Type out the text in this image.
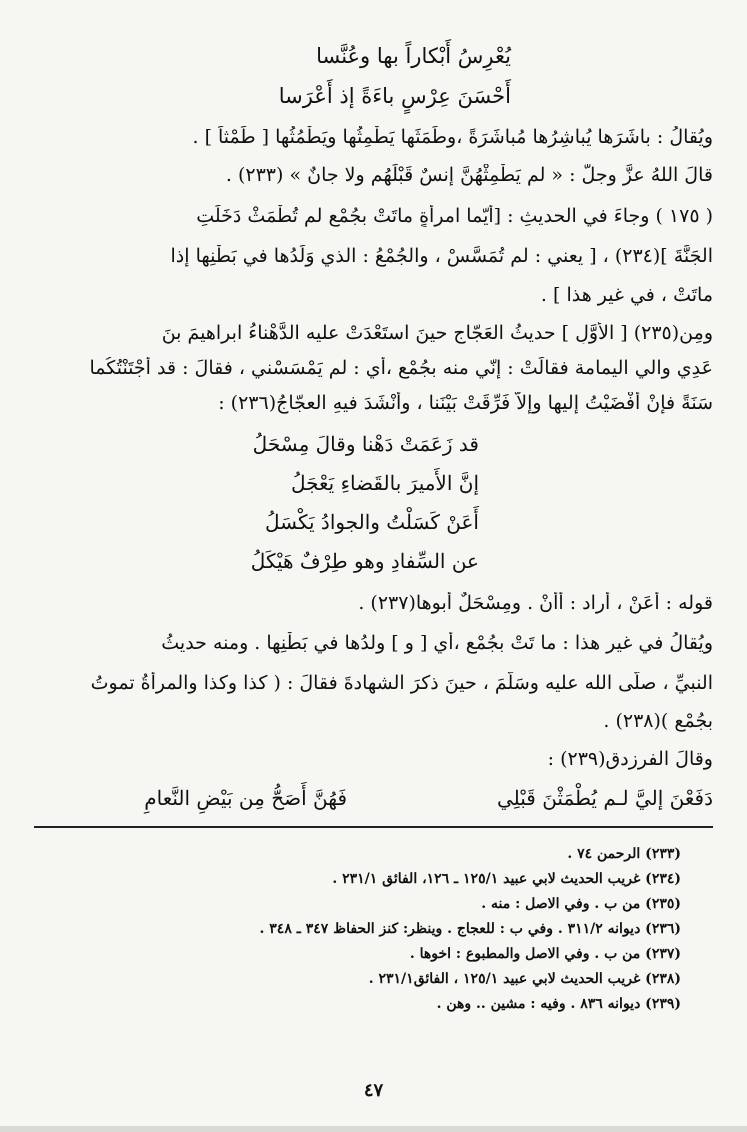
يُعْرِسُ أَبْكاراً بها وعُنَّسا
أَحْسَنَ عِرْسٍ باءَةً إذ أَعْرَسا
ويُقالُ : باشَرَها يُباشِرُها مُباشَرَةً ،وطَمَثَها يَطْمِثُها ويَطْمُثُها [ طَمْثاً ] .
قالَ اللهُ عزَّ وجلَّ : « لم يَطْمِثْهُنَّ إِنسٌ قَبْلَهُم ولا جانٌ » (٢٣٣) .
( ١٧٥ ) وجاءَ في الحديثِ : [أيّما امرأةٍ ماتَتْ بجُمْعٍ لم تُطْمَثْ دَخَلَتِ
الجَنَّةَ ](٢٣٤) ، [ يعني : لم تُمَسَّسْ ، والجُمْعُ : الذي وَلَدُها في بَطْنِها إذا
ماتَتْ ، في غير هذا ] .
ومِن(٢٣٥) [ الأَوَّلِ ] حديثُ العَجّاجِ حينَ استَعْدَتْ عليه الدَّهْناءُ ابراهيمَ بنَ
عَدِي والي اليمامة فقالَتْ : إنّي منه بجُمْعٍ ،أي : لم يَمْسَسْني ، فقالَ : قد أَجْتَنْتُكُما
سَنَةً فإنْ أَفْضَيْتُ إليها وإلاّ فَرِّقَتْ بَيْنَنا ، وأَنْشَدَ فيهِ العجّاجُ(٢٣٦) :
قد زَعَمَتْ دَهْنا وقالَ مِسْحَلُ
إنَّ الأَميرَ بالقَضاءِ يَعْجَلُ
أَعَنْ كَسَلْتُ والجوادُ يَكْسَلُ
عن السِّفادِ وهو طِرْفٌ هَيْكَلُ
قوله : أَعَنْ ، أراد : أَأَنْ . ومِسْحَلٌ أبوها(٢٣٧) .
ويُقالُ في غير هذا : ما تَتْ بجُمْعٍ ،أي [ و ] ولدُها في بَطْنِها . ومنه حديثُ
النبيِّ ، صلّى الله عليه وسَلَّمَ ، حينَ ذكرَ الشهادةَ فقالَ : ( كذا وكذا والمرأةُ تموتُ
بجُمْعٍ )(٢٣٨) .
وقالَ الفرزدق(٢٣٩) :
دَفَعْنَ إليَّ لـم يُطْمَثْنَ قَبْلِي
فَهُنَّ أَصَحُّ مِن بَيْضِ النَّعامِ
(٢٣٣) الرحمن ٧٤ .
(٢٣٤) غريب الحديث لابي عبيد ١٢٥/١ ـ ١٢٦، الفائق ٢٣١/١ .
(٢٣٥) من ب . وفي الاصل : منه .
(٢٣٦) ديوانه ٣١١/٢ . وفي ب : للعجاج . وينظر: كنز الحفاظ ٣٤٧ ـ ٣٤٨ .
(٢٣٧) من ب . وفي الاصل والمطبوع : اخوها .
(٢٣٨) غريب الحديث لابي عبيد ١٢٥/١ ، الفائق٢٣١/١ .
(٢٣٩) ديوانه ٨٣٦ . وفيه : مشين .. وهن .
٤٧
